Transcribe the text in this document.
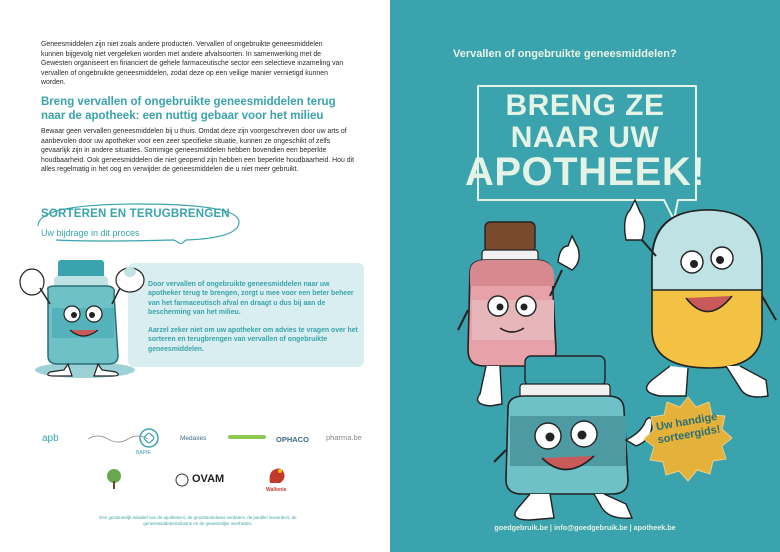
Geneesmiddelen zijn niet zoals andere producten. Vervallen of ongebruikte geneesmiddelen kunnen bijgevolg niet vergeleken worden met andere afvalsoorten. In samenwerking met de Gewesten organiseert en financiert de gehele farmaceutische sector een selectieve inzameling van vervallen of ongebruikte geneesmiddelen, zodat deze op een veilige manier vernietigd kunnen worden.

Breng vervallen of ongebruikte geneesmiddelen terug naar de apotheek: een nuttig gebaar voor het milieu

Bewaar geen vervallen geneesmiddelen bij u thuis. Omdat deze zijn voorgeschreven door uw arts of aanbevolen door uw apotheker voor een zeer specifieke situatie, kunnen ze ongeschikt of zelfs gevaarlijk zijn in andere situaties. Sommige geneesmiddelen hebben bovendien een beperkte houdbaarheid. Ook geneesmiddelen die niet geopend zijn hebben een beperkte houdbaarheid. Hou dit alles regelmatig in het oog en verwijder de geneesmiddelen die u niet meer gebruikt.

SORTEREN EN TERUGBRENGEN
Uw bijdrage in dit proces

Door vervallen of ongebruikte geneesmiddelen naar uw apotheker terug te brengen, zorgt u mee voor een beter beheer van het farmaceutisch afval en draagt u dus bij aan de bescherming van het milieu.

Aarzel zeker niet om uw apotheker om advies te vragen over het sorteren en terugbrengen van vervallen of ongebruikte geneesmiddelen.

apb
BAPIE
Medaxes	OPHACO pharma.be
OVAM
Wallonie

Een gezamenlijk initiatief van de apothekers, de groothandelaars-verdelers, de parallel invoerders, de geneesmiddelenindustrie en de gewestelijke overheden.

Vervallen of ongebruikte geneesmiddelen?
BRENG ZE
NAAR UW
APOTHEEK!
Uw handige sorteergids!
goedgebruik.be | info@goedgebruik.be | apotheek.be
